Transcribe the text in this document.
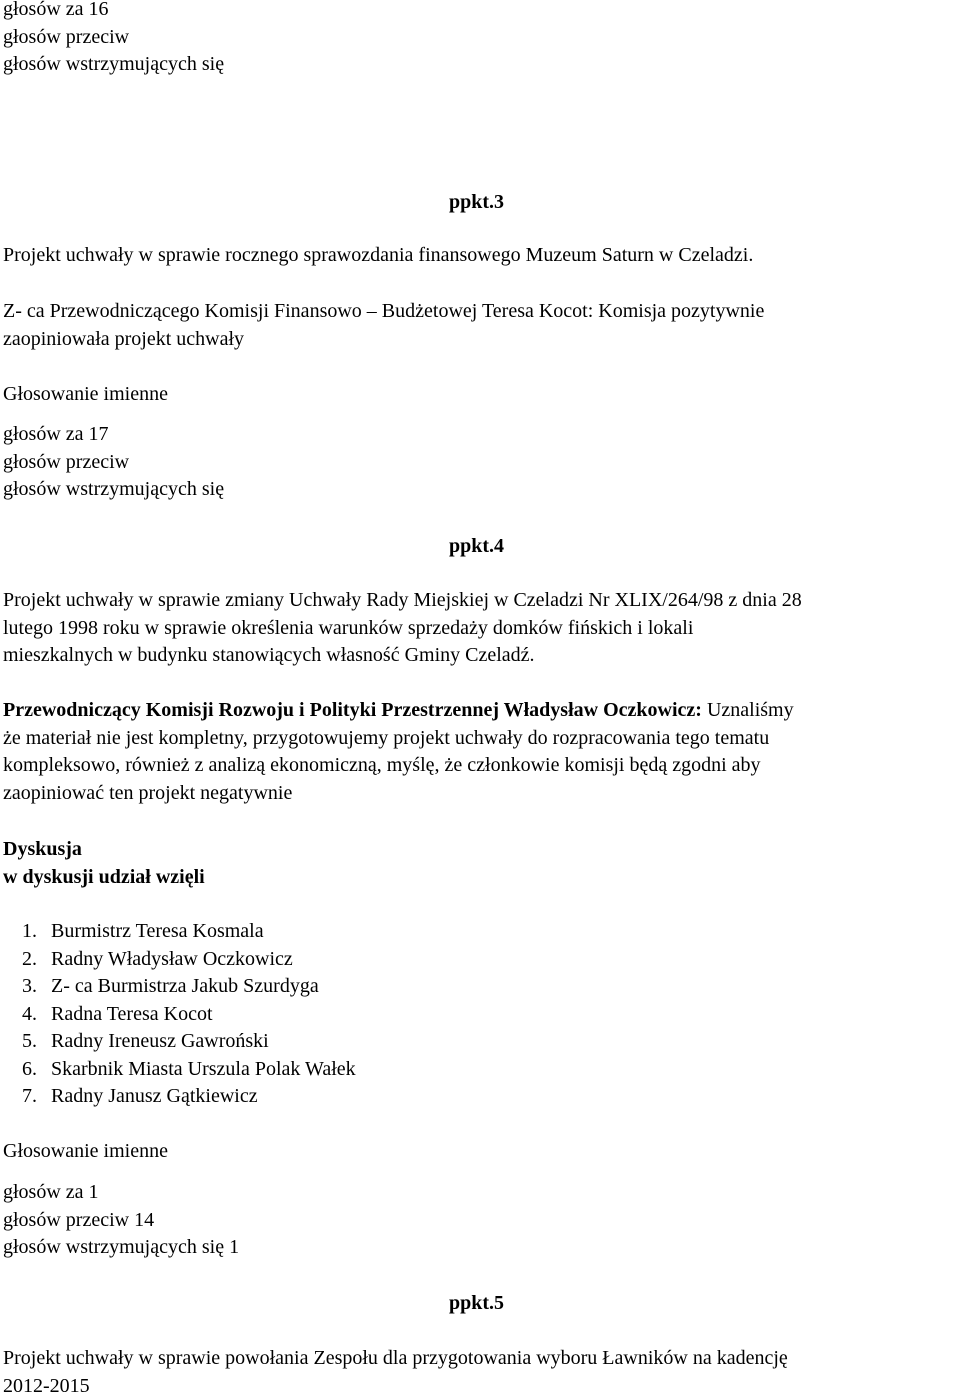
głosów za 16
głosów przeciw
głosów wstrzymujących się
ppkt.3
Projekt uchwały w sprawie rocznego sprawozdania finansowego Muzeum Saturn w Czeladzi.
Z- ca Przewodniczącego Komisji Finansowo – Budżetowej Teresa Kocot: Komisja pozytywnie
zaopiniowała projekt uchwały
Głosowanie imienne
głosów za 17
głosów przeciw
głosów wstrzymujących się
ppkt.4
Projekt uchwały w sprawie zmiany Uchwały Rady Miejskiej w Czeladzi Nr XLIX/264/98 z dnia 28
lutego 1998 roku w sprawie określenia warunków sprzedaży domków fińskich i lokali
mieszkalnych w budynku stanowiących własność Gminy Czeladź.
Przewodniczący Komisji Rozwoju i Polityki Przestrzennej Władysław Oczkowicz: Uznaliśmy
że materiał nie jest kompletny, przygotowujemy projekt uchwały do rozpracowania tego tematu
kompleksowo, również z analizą ekonomiczną, myślę, że członkowie komisji będą zgodni aby
zaopiniować ten projekt negatywnie
Dyskusja
w dyskusji udział wzięli
1. Burmistrz Teresa Kosmala
2. Radny Władysław Oczkowicz
3. Z- ca Burmistrza Jakub Szurdyga
4. Radna Teresa Kocot
5. Radny Ireneusz Gawroński
6. Skarbnik Miasta Urszula Polak Wałek
7. Radny Janusz Gątkiewicz
Głosowanie imienne
głosów za 1
głosów przeciw 14
głosów wstrzymujących się 1
ppkt.5
Projekt uchwały w sprawie powołania Zespołu dla przygotowania wyboru Ławników na kadencję
2012-2015
